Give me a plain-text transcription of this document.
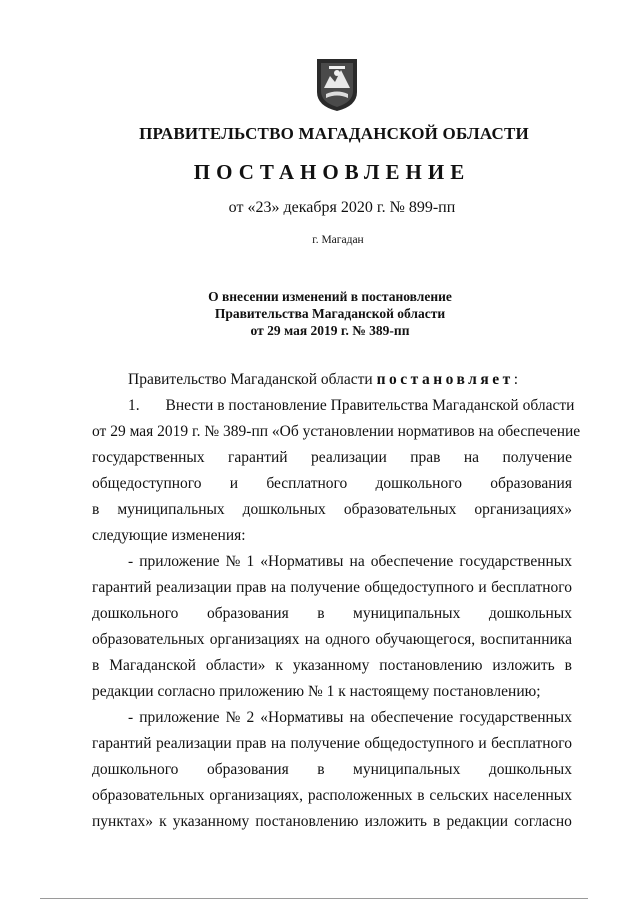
ПРАВИТЕЛЬСТВО МАГАДАНСКОЙ ОБЛАСТИ
ПОСТАНОВЛЕНИЕ
от «23» декабря 2020 г. № 899-пп
г. Магадан
О внесении изменений в постановление
Правительства Магаданской области
от 29 мая 2019 г. № 389-пп
Правительство Магаданской области постановляет:
1. Внести в постановление Правительства Магаданской области
от 29 мая 2019 г. № 389-пп «Об установлении нормативов на обеспечение
государственных гарантий реализации прав на получение
общедоступного и бесплатного дошкольного образования
в муниципальных дошкольных образовательных организациях»
следующие изменения:
- приложение № 1 «Нормативы на обеспечение государственных
гарантий реализации прав на получение общедоступного и бесплатного
дошкольного образования в муниципальных дошкольных
образовательных организациях на одного обучающегося, воспитанника
в Магаданской области» к указанному постановлению изложить в
редакции согласно приложению № 1 к настоящему постановлению;
- приложение № 2 «Нормативы на обеспечение государственных
гарантий реализации прав на получение общедоступного и бесплатного
дошкольного образования в муниципальных дошкольных
образовательных организациях, расположенных в сельских населенных
пунктах» к указанному постановлению изложить в редакции согласно
